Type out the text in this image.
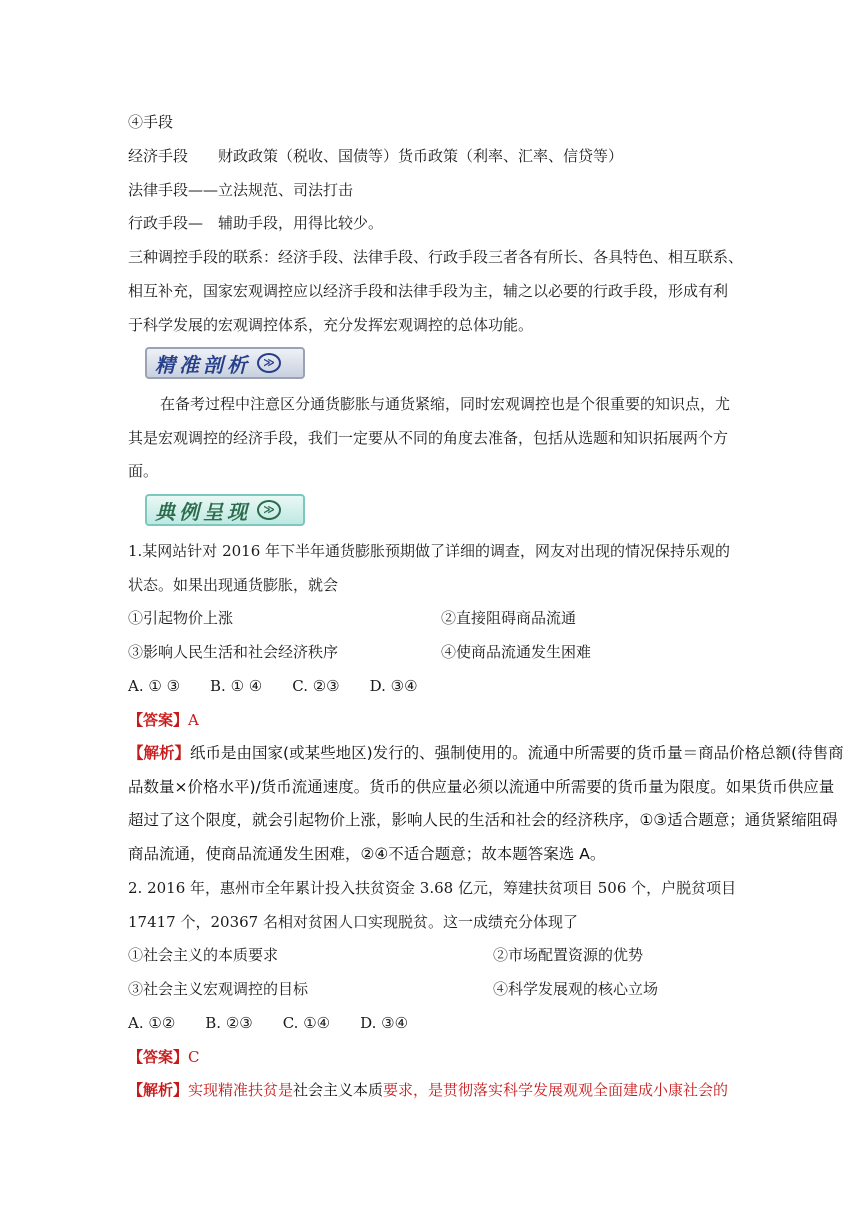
④手段
经济手段　　财政政策（税收、国债等）货币政策（利率、汇率、信贷等）
法律手段——立法规范、司法打击
行政手段—　辅助手段，用得比较少。
三种调控手段的联系：经济手段、法律手段、行政手段三者各有所长、各具特色、相互联系、
相互补充，国家宏观调控应以经济手段和法律手段为主，辅之以必要的行政手段，形成有利
于科学发展的宏观调控体系，充分发挥宏观调控的总体功能。
精准剖析	≫
在备考过程中注意区分通货膨胀与通货紧缩，同时宏观调控也是个很重要的知识点，尤
其是宏观调控的经济手段，我们一定要从不同的角度去准备，包括从选题和知识拓展两个方
面。
典例呈现	≫
1.某网站针对 2016 年下半年通货膨胀预期做了详细的调查，网友对出现的情况保持乐观的
状态。如果出现通货膨胀，就会
①引起物价上涨	②直接阻碍商品流通
③影响人民生活和社会经济秩序	④使商品流通发生困难
A. ① ③　　B. ① ④　　C. ②③　　D. ③④
【答案】A
【解析】纸币是由国家(或某些地区)发行的、强制使用的。流通中所需要的货币量＝商品价格总额(待售商
品数量×价格水平)/货币流通速度。货币的供应量必须以流通中所需要的货币量为限度。如果货币供应量
超过了这个限度，就会引起物价上涨，影响人民的生活和社会的经济秩序，①③适合题意；通货紧缩阻碍
商品流通，使商品流通发生困难，②④不适合题意；故本题答案选 A。
2. 2016 年，惠州市全年累计投入扶贫资金 3.68 亿元，筹建扶贫项目 506 个，户脱贫项目
17417 个，20367 名相对贫困人口实现脱贫。这一成绩充分体现了
①社会主义的本质要求	②市场配置资源的优势
③社会主义宏观调控的目标	④科学发展观的核心立场
A. ①②　　B. ②③　　C. ①④　　D. ③④
【答案】C
【解析】实现精准扶贫是社会主义本质要求，是贯彻落实科学发展观观全面建成小康社会的
